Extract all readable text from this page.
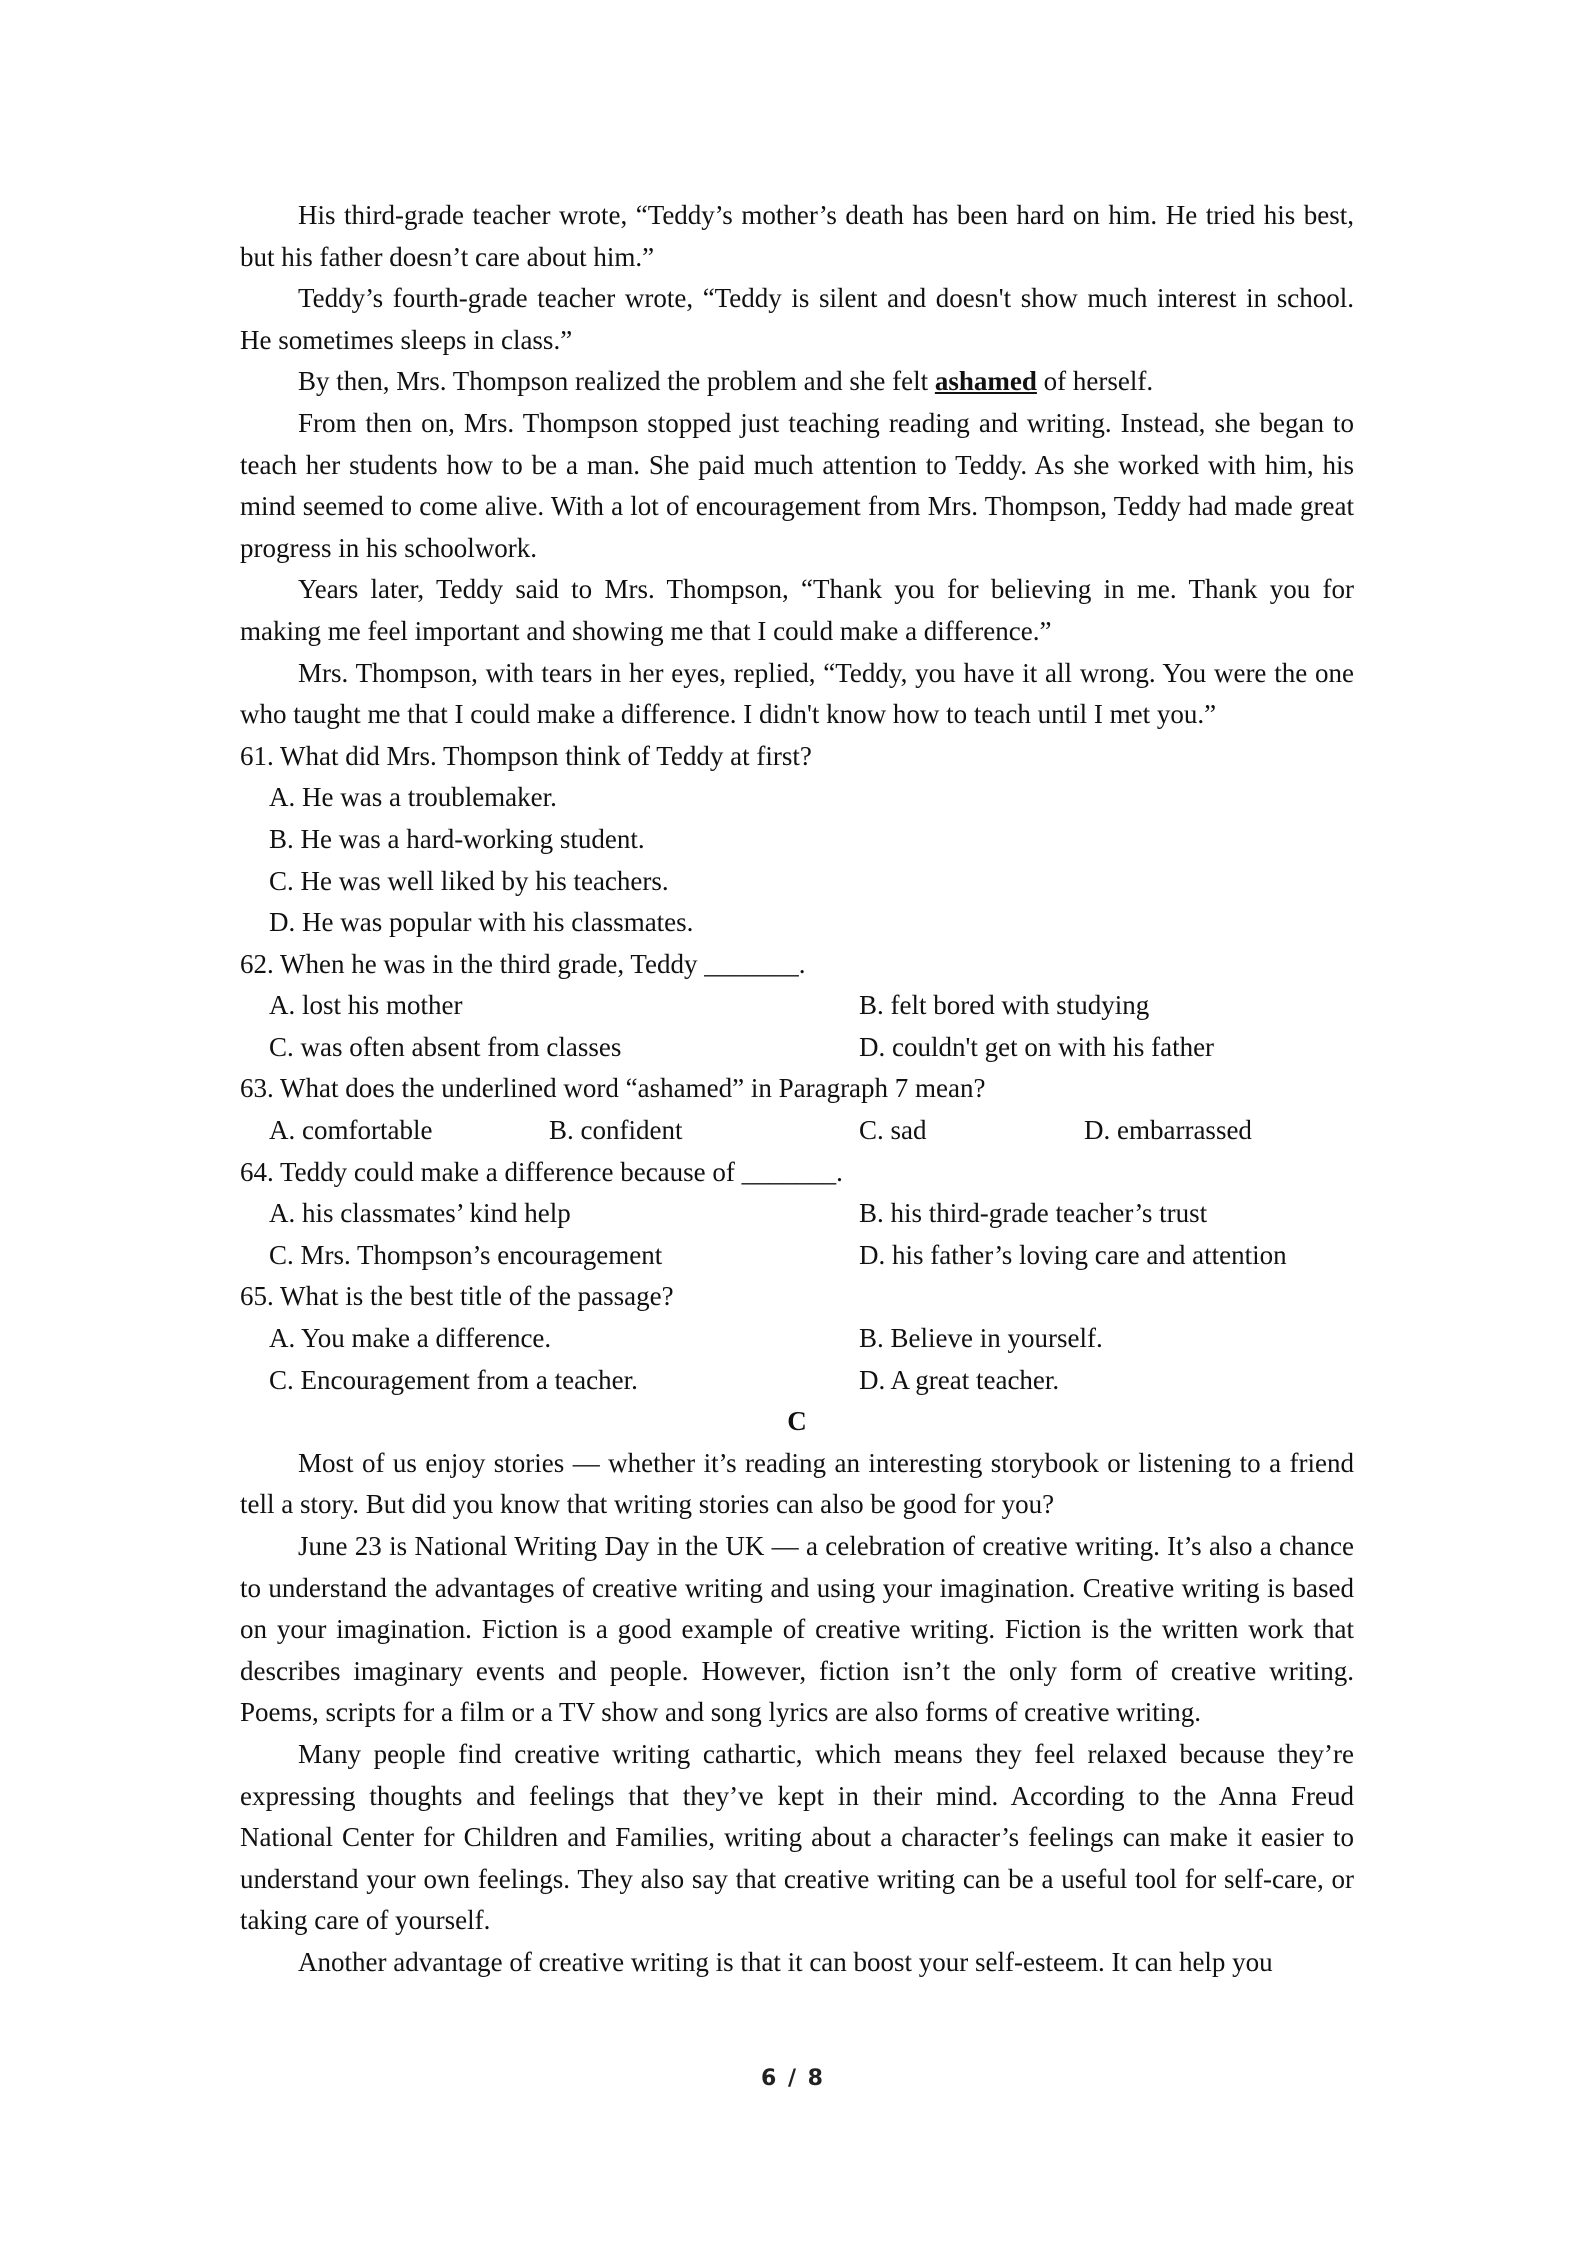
His third-grade teacher wrote, “Teddy’s mother’s death has been hard on him. He tried his best, but his father doesn’t care about him.”

Teddy’s fourth-grade teacher wrote, “Teddy is silent and doesn't show much interest in school. He sometimes sleeps in class.”

By then, Mrs. Thompson realized the problem and she felt ashamed of herself.

From then on, Mrs. Thompson stopped just teaching reading and writing. Instead, she began to teach her students how to be a man. She paid much attention to Teddy. As she worked with him, his mind seemed to come alive. With a lot of encouragement from Mrs. Thompson, Teddy had made great progress in his schoolwork.

Years later, Teddy said to Mrs. Thompson, “Thank you for believing in me. Thank you for making me feel important and showing me that I could make a difference.”

Mrs. Thompson, with tears in her eyes, replied, “Teddy, you have it all wrong. You were the one who taught me that I could make a difference. I didn't know how to teach until I met you.”

61. What did Mrs. Thompson think of Teddy at first?

A. He was a troublemaker.
B. He was a hard-working student.
C. He was well liked by his teachers.
D. He was popular with his classmates.

62. When he was in the third grade, Teddy _______.

A. lost his mother	B. felt bored with studying
C. was often absent from classes	D. couldn't get on with his father

63. What does the underlined word “ashamed” in Paragraph 7 mean?

A. comfortable	B. confident	C. sad	D. embarrassed

64. Teddy could make a difference because of _______.

A. his classmates’ kind help	B. his third-grade teacher’s trust
C. Mrs. Thompson’s encouragement	D. his father’s loving care and attention

65. What is the best title of the passage?

A. You make a difference.	B. Believe in yourself.
C. Encouragement from a teacher.	D. A great teacher.

C

Most of us enjoy stories — whether it’s reading an interesting storybook or listening to a friend tell a story. But did you know that writing stories can also be good for you?

June 23 is National Writing Day in the UK — a celebration of creative writing. It’s also a chance to understand the advantages of creative writing and using your imagination. Creative writing is based on your imagination. Fiction is a good example of creative writing. Fiction is the written work that describes imaginary events and people. However, fiction isn’t the only form of creative writing. Poems, scripts for a film or a TV show and song lyrics are also forms of creative writing.

Many people find creative writing cathartic, which means they feel relaxed because they’re expressing thoughts and feelings that they’ve kept in their mind. According to the Anna Freud National Center for Children and Families, writing about a character’s feelings can make it easier to understand your own feelings. They also say that creative writing can be a useful tool for self-care, or taking care of yourself.

Another advantage of creative writing is that it can boost your self-esteem. It can help you

6 / 8
